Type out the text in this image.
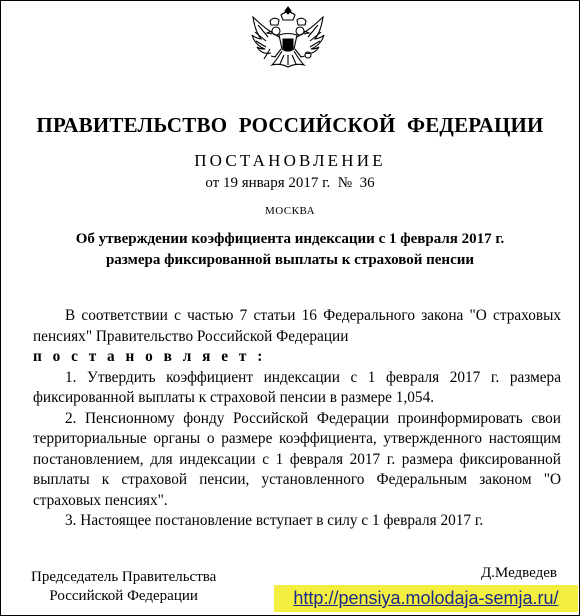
ПРАВИТЕЛЬСТВО РОССИЙСКОЙ ФЕДЕРАЦИИ
ПОСТАНОВЛЕНИЕ
от 19 января 2017 г.  №  36
МОСКВА
Об утверждении коэффициента индексации с 1 февраля 2017 г.
размера фиксированной выплаты к страховой пенсии

В соответствии с частью 7 статьи 16 Федерального закона "О страховых пенсиях" Правительство Российской Федерации

п о с т а н о в л я е т :

1. Утвердить коэффициент индексации с 1 февраля 2017 г. размера фиксированной выплаты к страховой пенсии в размере 1,054.

2. Пенсионному фонду Российской Федерации проинформировать свои территориальные органы о размере коэффициента, утвержденного настоящим постановлением, для индексации с 1 февраля 2017 г. размера фиксированной выплаты к страховой пенсии, установленного Федеральным законом "О страховых пенсиях".

3. Настоящее постановление вступает в силу с 1 февраля 2017 г.

Председатель Правительства
Российской Федерации
Д.Медведев
http://pensiya.molodaja-semja.ru/
